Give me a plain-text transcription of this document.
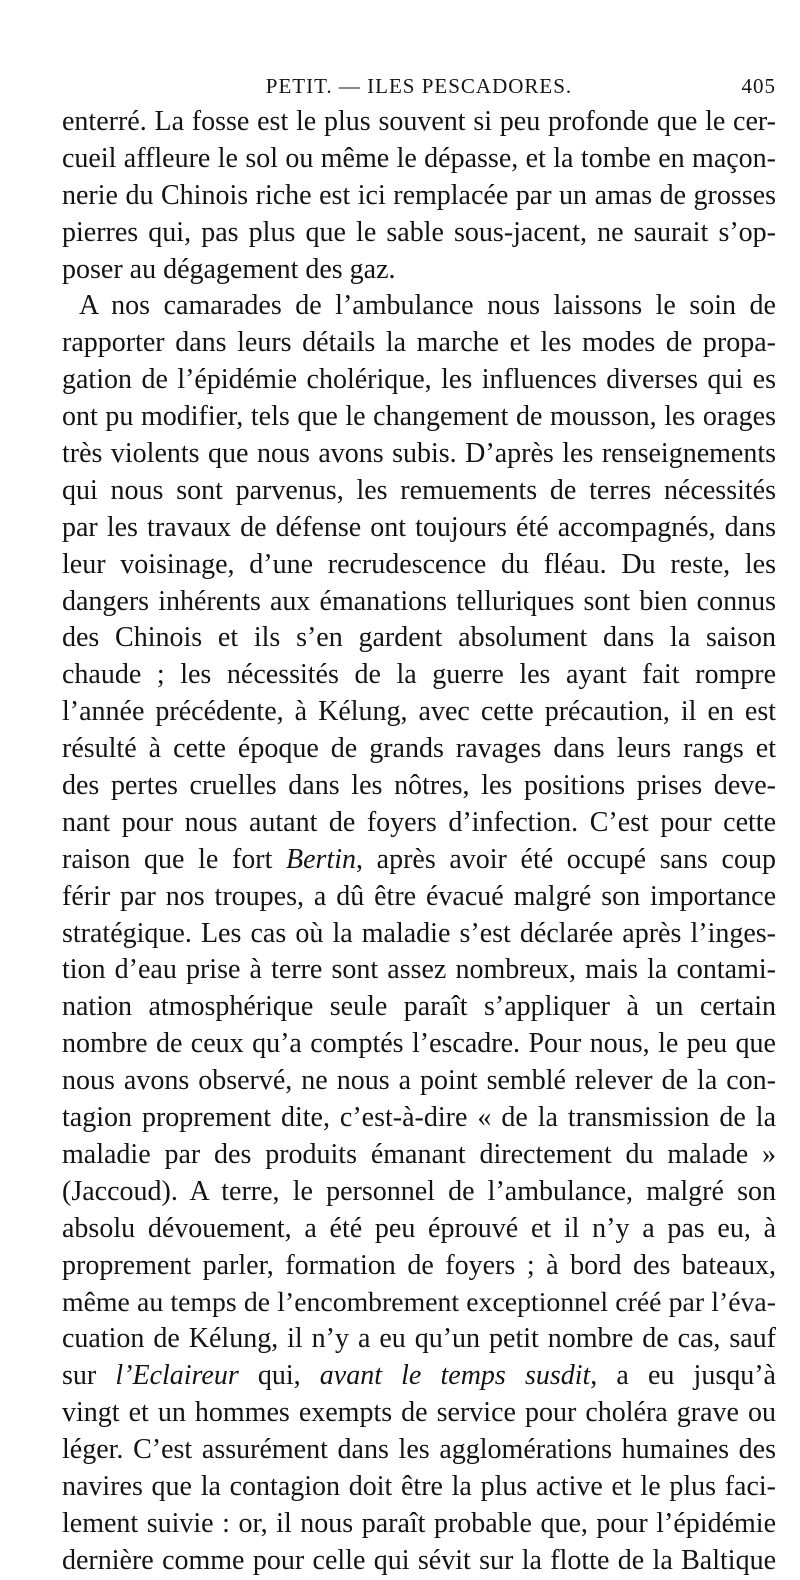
PETIT. — ILES PESCADORES.	405
enterré. La fosse est le plus souvent si peu profonde que le cer-
cueil affleure le sol ou même le dépasse, et la tombe en maçon-
nerie du Chinois riche est ici remplacée par un amas de grosses
pierres qui, pas plus que le sable sous-jacent, ne saurait s’op-
poser au dégagement des gaz.
A nos camarades de l’ambulance nous laissons le soin de
rapporter dans leurs détails la marche et les modes de propa-
gation de l’épidémie cholérique, les influences diverses qui es
ont pu modifier, tels que le changement de mousson, les orages
très violents que nous avons subis. D’après les renseignements
qui nous sont parvenus, les remuements de terres nécessités
par les travaux de défense ont toujours été accompagnés, dans
leur voisinage, d’une recrudescence du fléau. Du reste, les
dangers inhérents aux émanations telluriques sont bien connus
des Chinois et ils s’en gardent absolument dans la saison
chaude ; les nécessités de la guerre les ayant fait rompre
l’année précédente, à Kélung, avec cette précaution, il en est
résulté à cette époque de grands ravages dans leurs rangs et
des pertes cruelles dans les nôtres, les positions prises deve-
nant pour nous autant de foyers d’infection. C’est pour cette
raison que le fort Bertin, après avoir été occupé sans coup
férir par nos troupes, a dû être évacué malgré son importance
stratégique. Les cas où la maladie s’est déclarée après l’inges-
tion d’eau prise à terre sont assez nombreux, mais la contami-
nation atmosphérique seule paraît s’appliquer à un certain
nombre de ceux qu’a comptés l’escadre. Pour nous, le peu que
nous avons observé, ne nous a point semblé relever de la con-
tagion proprement dite, c’est-à-dire « de la transmission de la
maladie par des produits émanant directement du malade »
(Jaccoud). A terre, le personnel de l’ambulance, malgré son
absolu dévouement, a été peu éprouvé et il n’y a pas eu, à
proprement parler, formation de foyers ; à bord des bateaux,
même au temps de l’encombrement exceptionnel créé par l’éva-
cuation de Kélung, il n’y a eu qu’un petit nombre de cas, sauf
sur l’Eclaireur qui, avant le temps susdit, a eu jusqu’à
vingt et un hommes exempts de service pour choléra grave ou
léger. C’est assurément dans les agglomérations humaines des
navires que la contagion doit être la plus active et le plus faci-
lement suivie : or, il nous paraît probable que, pour l’épidémie
dernière comme pour celle qui sévit sur la flotte de la Baltique
